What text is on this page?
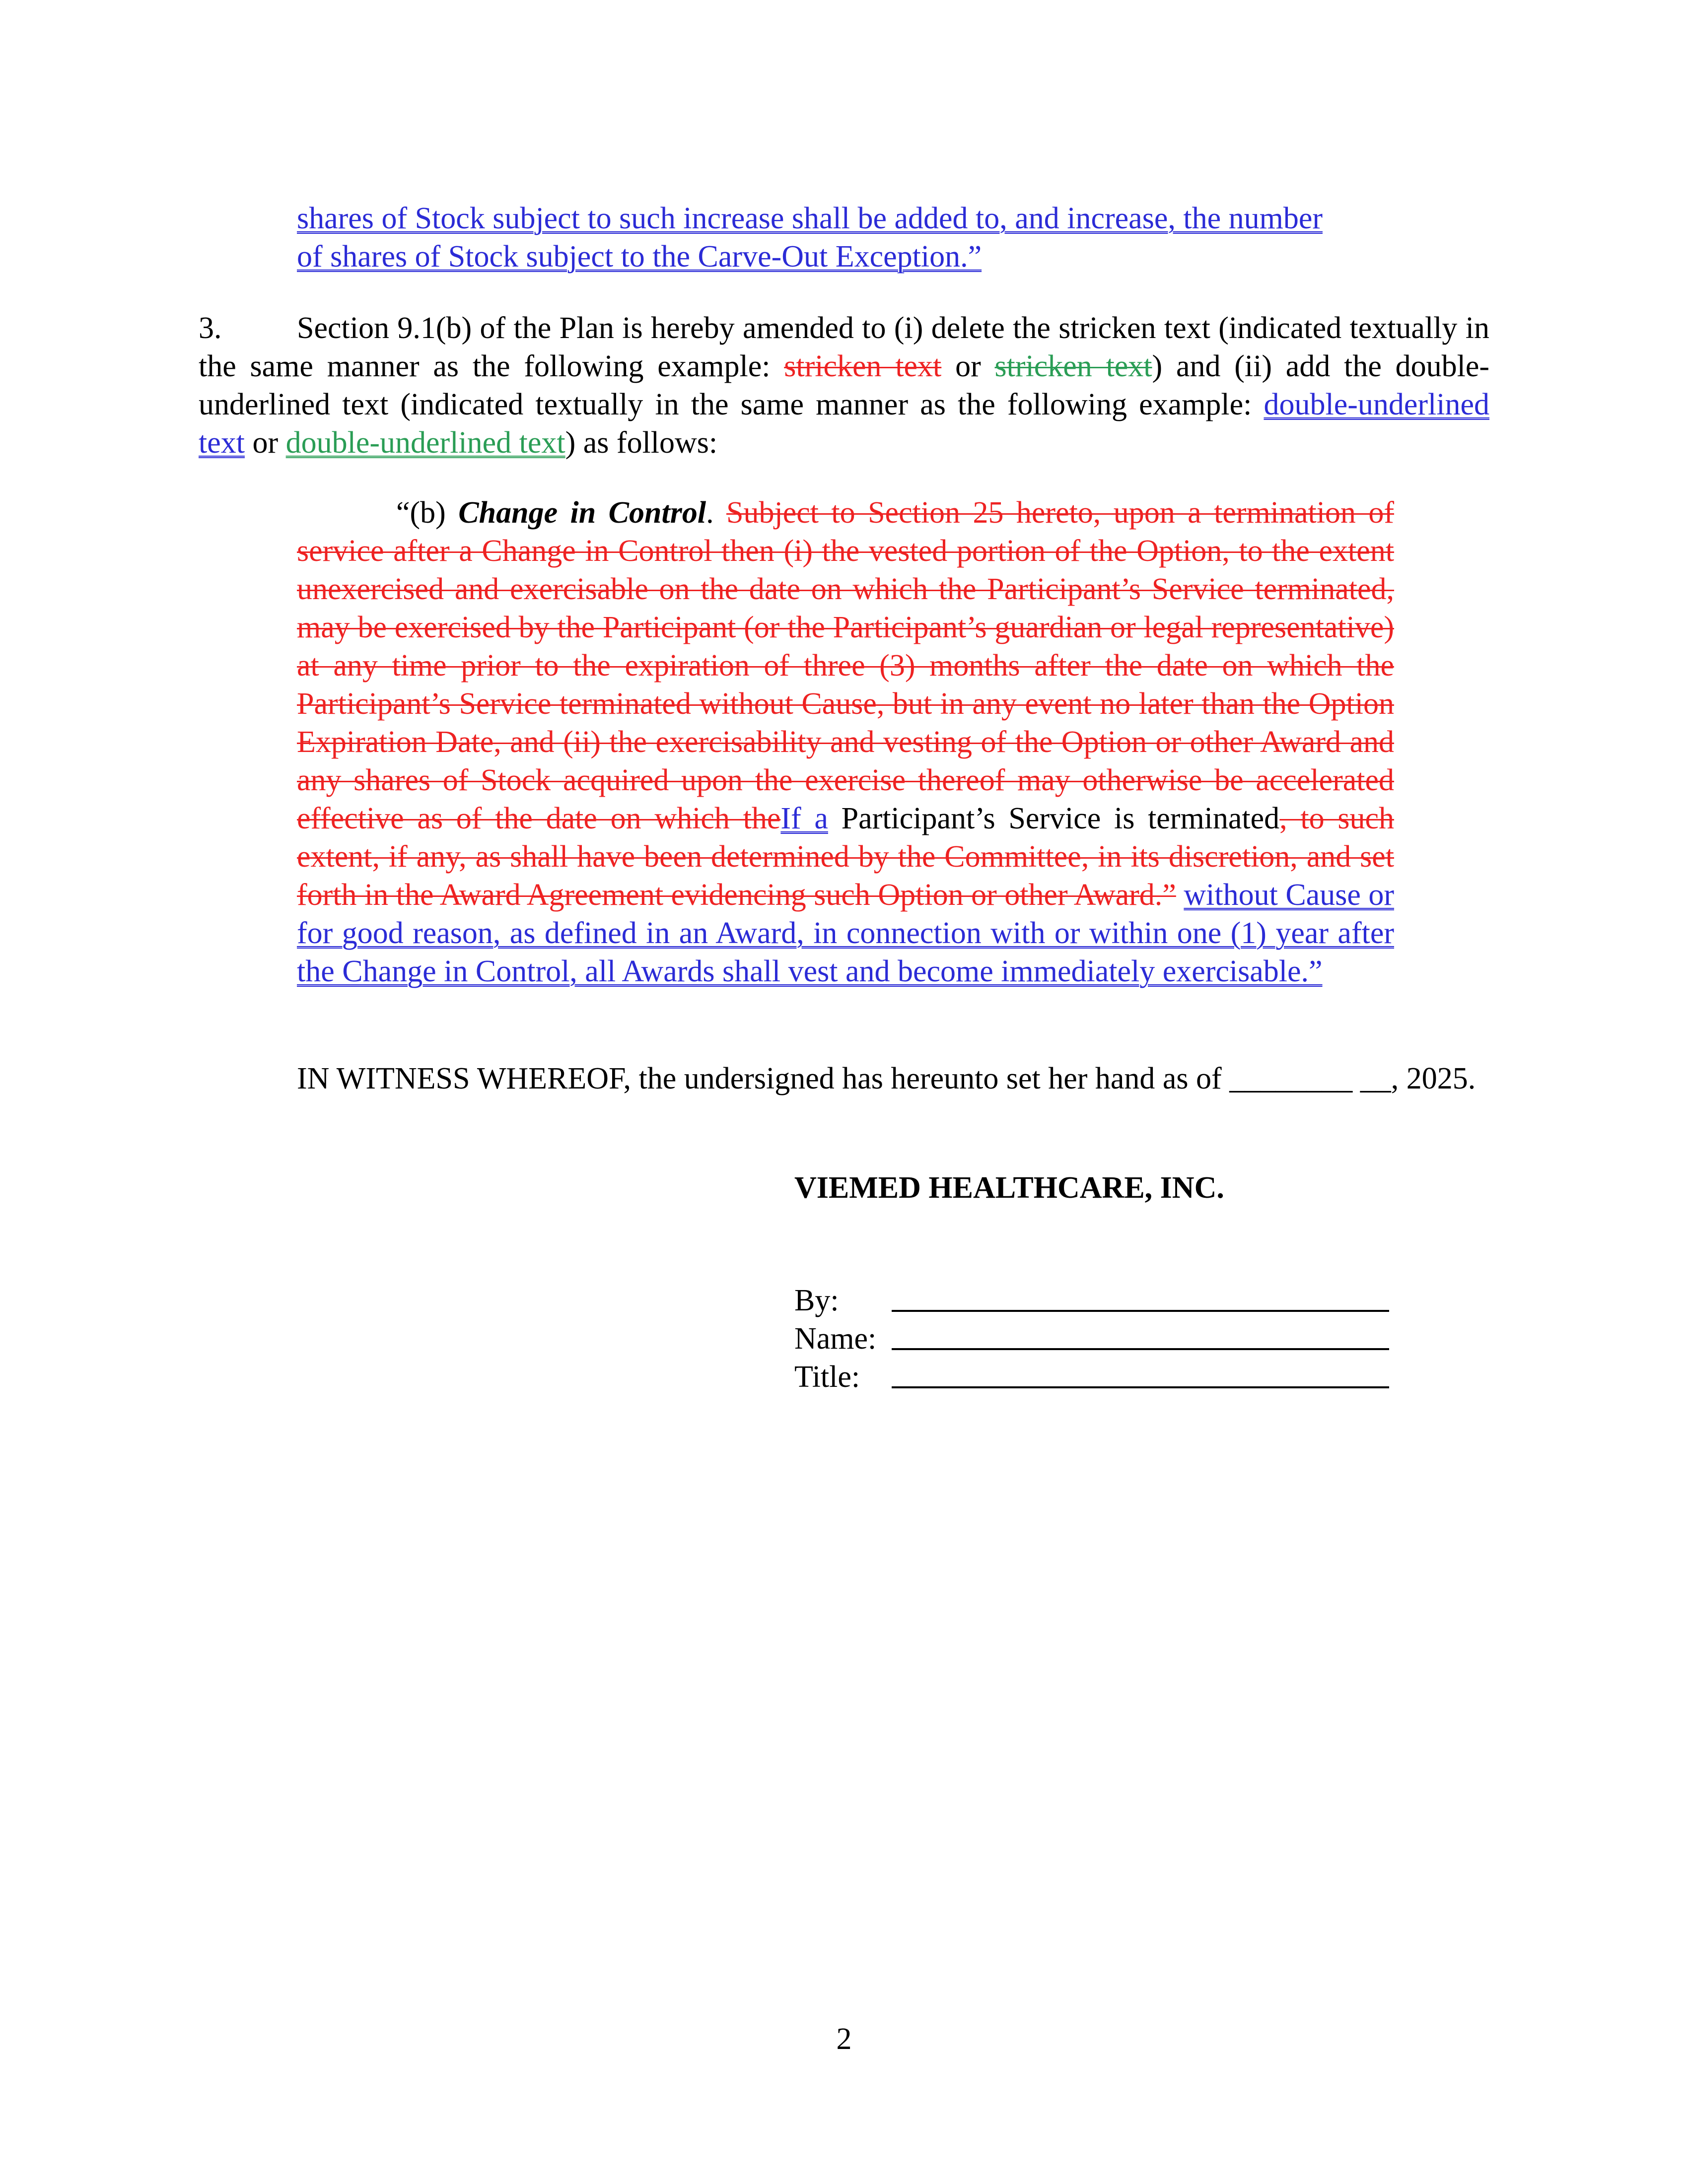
shares of Stock subject to such increase shall be added to, and increase, the number

of shares of Stock subject to the Carve-Out Exception.”

3.	Section 9.1(b) of the Plan is hereby amended to (i) delete the stricken text (indicated textually in the same manner as the following example: stricken text or stricken text) and (ii) add the double-underlined text (indicated textually in the same manner as the following example: double-underlined text or double-underlined text) as follows:

“(b) Change in Control. Subject to Section 25 hereto, upon a termination of service after a Change in Control then (i) the vested portion of the Option, to the extent unexercised and exercisable on the date on which the Participant’s Service terminated, may be exercised by the Participant (or the Participant’s guardian or legal representative) at any time prior to the expiration of three (3) months after the date on which the Participant’s Service terminated without Cause, but in any event no later than the Option Expiration Date, and (ii) the exercisability and vesting of the Option or other Award and any shares of Stock acquired upon the exercise thereof may otherwise be accelerated effective as of the date on which theIf a Participant’s Service is terminated, to such extent, if any, as shall have been determined by the Committee, in its discretion, and set forth in the Award Agreement evidencing such Option or other Award.” without Cause or for good reason, as defined in an Award, in connection with or within one (1) year after the Change in Control, all Awards shall vest and become immediately exercisable.”

IN WITNESS WHEREOF, the undersigned has hereunto set her hand as of ________ __, 2025.

VIEMED HEALTHCARE, INC.

By:
Name:
Title:
2
